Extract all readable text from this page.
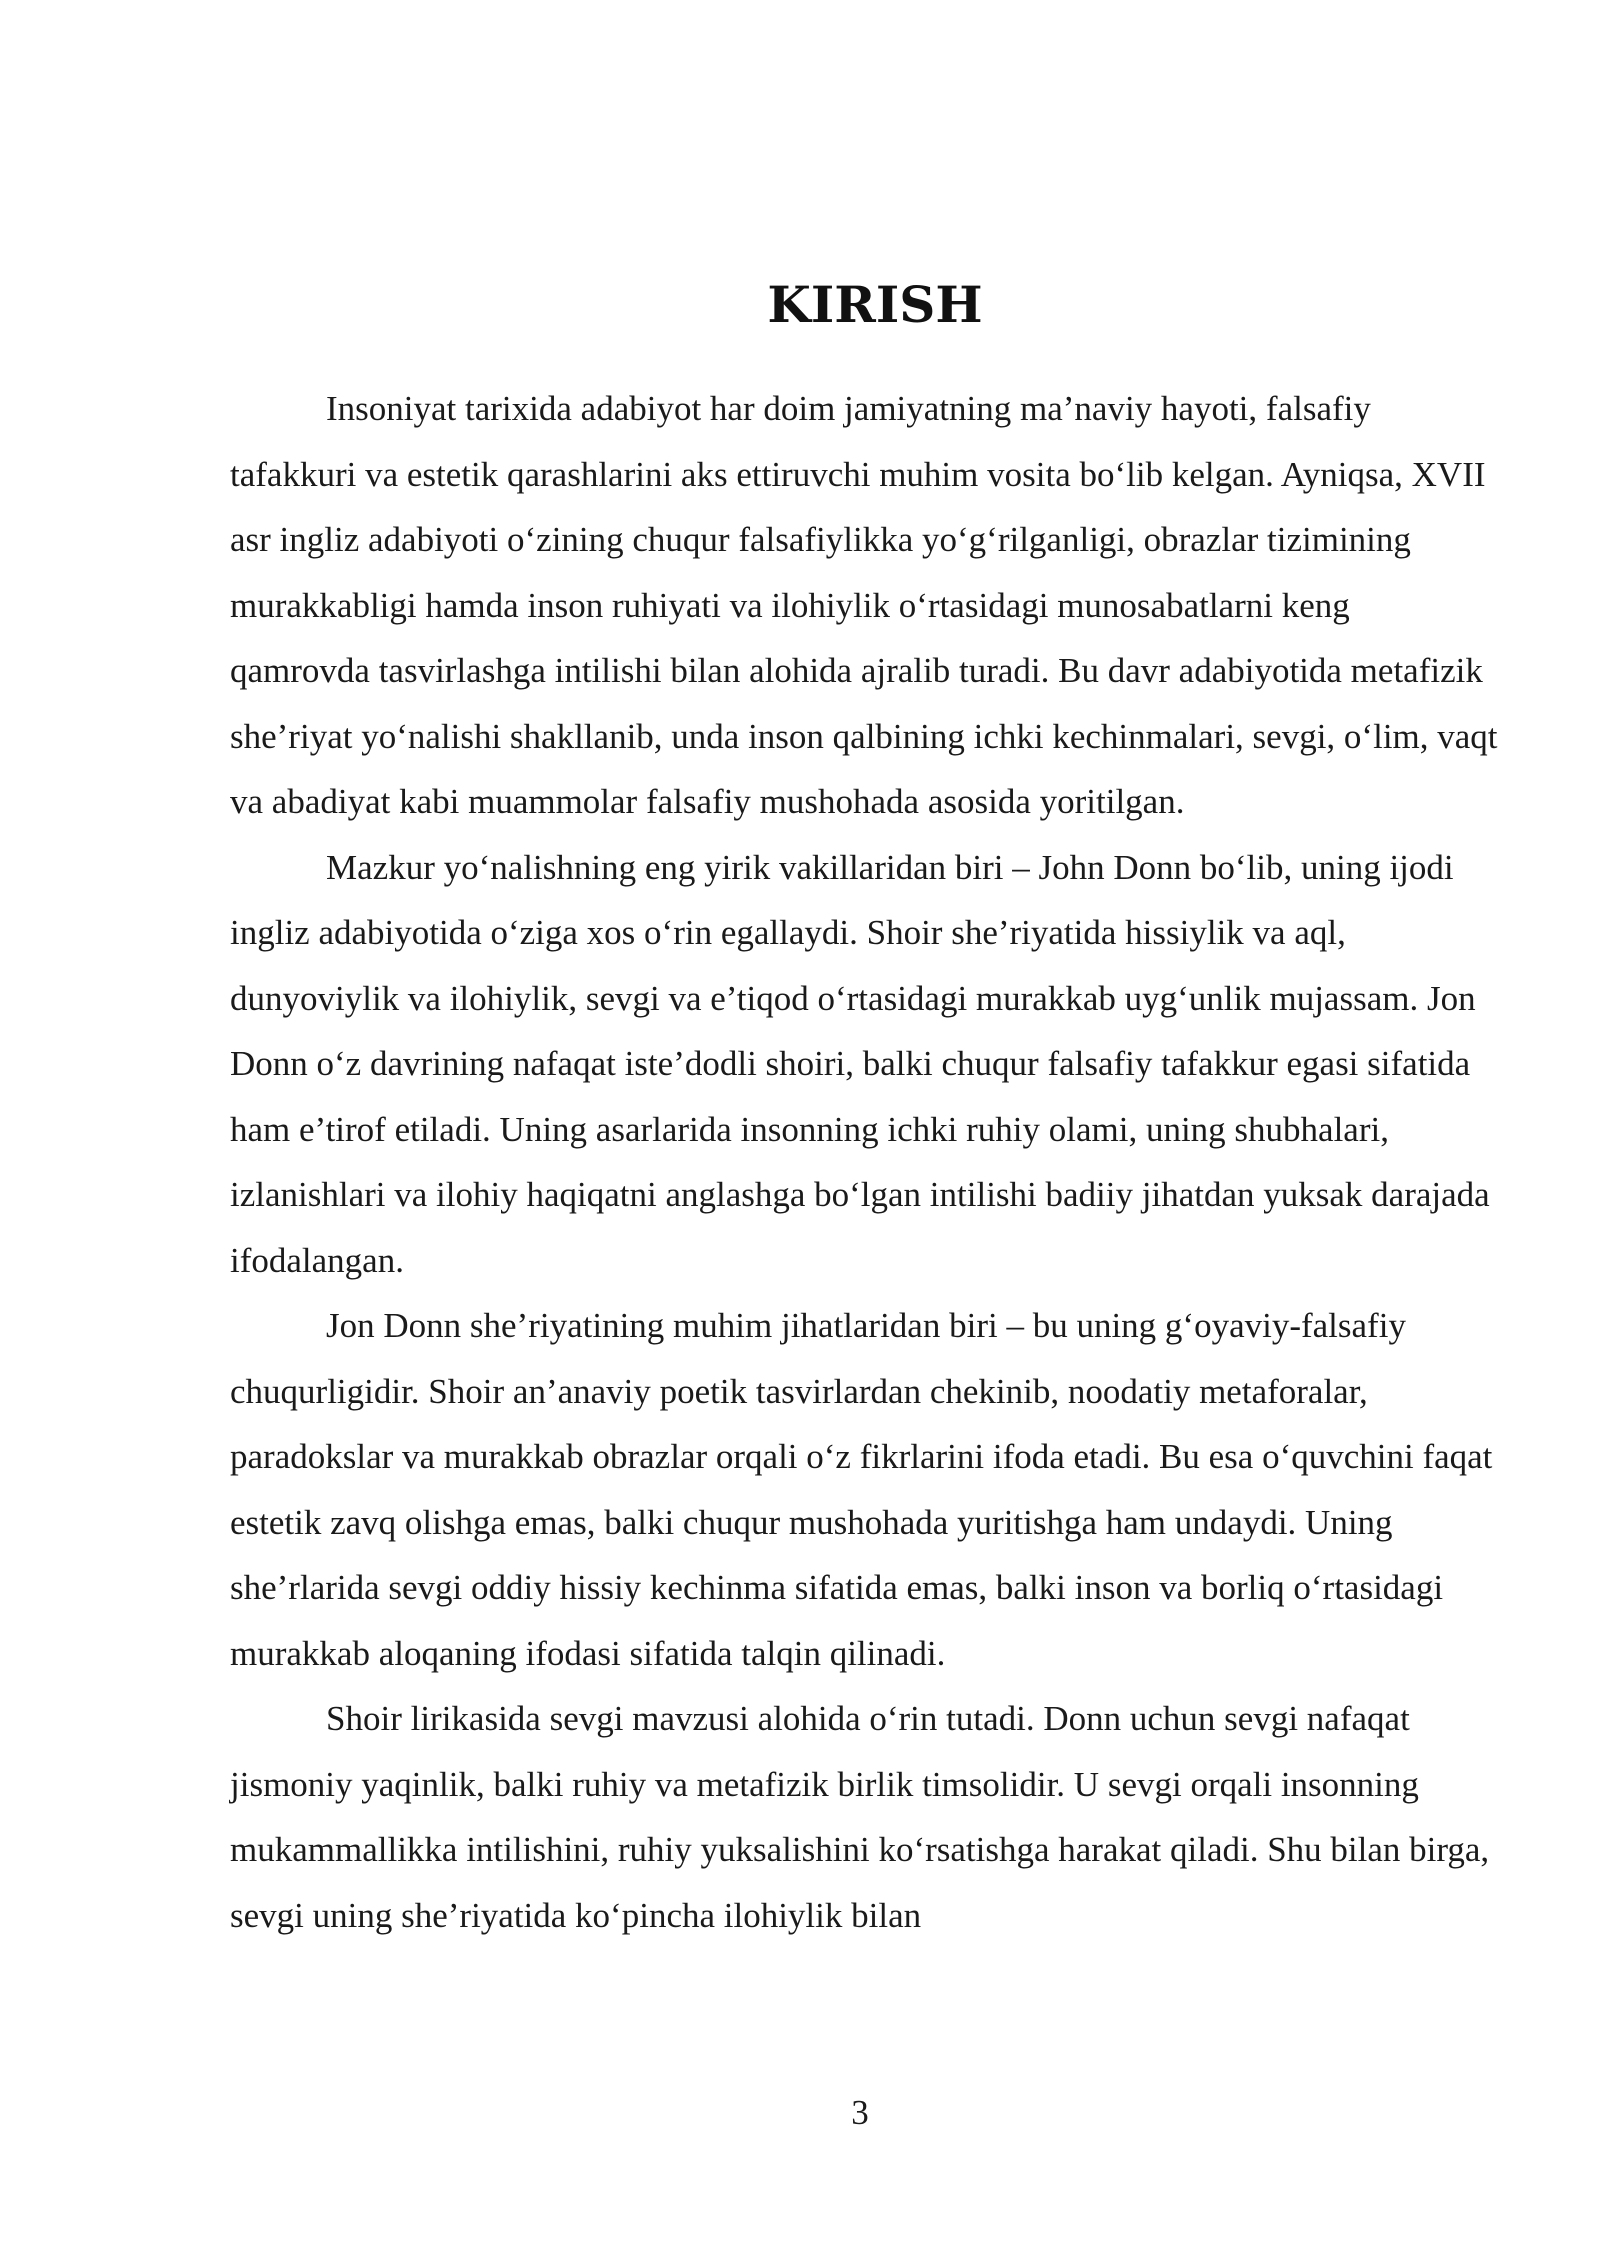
KIRISH

Insoniyat tarixida adabiyot har doim jamiyatning ma’naviy hayoti, falsafiy tafakkuri va estetik qarashlarini aks ettiruvchi muhim vosita bo‘lib kelgan. Ayniqsa, XVII asr ingliz adabiyoti o‘zining chuqur falsafiylikka yo‘g‘rilganligi, obrazlar tizimining murakkabligi hamda inson ruhiyati va ilohiylik o‘rtasidagi munosabatlarni keng qamrovda tasvirlashga intilishi bilan alohida ajralib turadi. Bu davr adabiyotida metafizik she’riyat yo‘nalishi shakllanib, unda inson qalbining ichki kechinmalari, sevgi, o‘lim, vaqt va abadiyat kabi muammolar falsafiy mushohada asosida yoritilgan.

Mazkur yo‘nalishning eng yirik vakillaridan biri – John Donn bo‘lib, uning ijodi ingliz adabiyotida o‘ziga xos o‘rin egallaydi. Shoir she’riyatida hissiylik va aql, dunyoviylik va ilohiylik, sevgi va e’tiqod o‘rtasidagi murakkab uyg‘unlik mujassam. Jon Donn o‘z davrining nafaqat iste’dodli shoiri, balki chuqur falsafiy tafakkur egasi sifatida ham e’tirof etiladi. Uning asarlarida insonning ichki ruhiy olami, uning shubhalari, izlanishlari va ilohiy haqiqatni anglashga bo‘lgan intilishi badiiy jihatdan yuksak darajada ifodalangan.

Jon Donn she’riyatining muhim jihatlaridan biri – bu uning g‘oyaviy-falsafiy chuqurligidir. Shoir an’anaviy poetik tasvirlardan chekinib, noodatiy metaforalar, paradokslar va murakkab obrazlar orqali o‘z fikrlarini ifoda etadi. Bu esa o‘quvchini faqat estetik zavq olishga emas, balki chuqur mushohada yuritishga ham undaydi. Uning she’rlarida sevgi oddiy hissiy kechinma sifatida emas, balki inson va borliq o‘rtasidagi murakkab aloqaning ifodasi sifatida talqin qilinadi.

Shoir lirikasida sevgi mavzusi alohida o‘rin tutadi. Donn uchun sevgi nafaqat jismoniy yaqinlik, balki ruhiy va metafizik birlik timsolidir. U sevgi orqali insonning mukammallikka intilishini, ruhiy yuksalishini ko‘rsatishga harakat qiladi. Shu bilan birga, sevgi uning she’riyatida ko‘pincha ilohiylik bilan

3
